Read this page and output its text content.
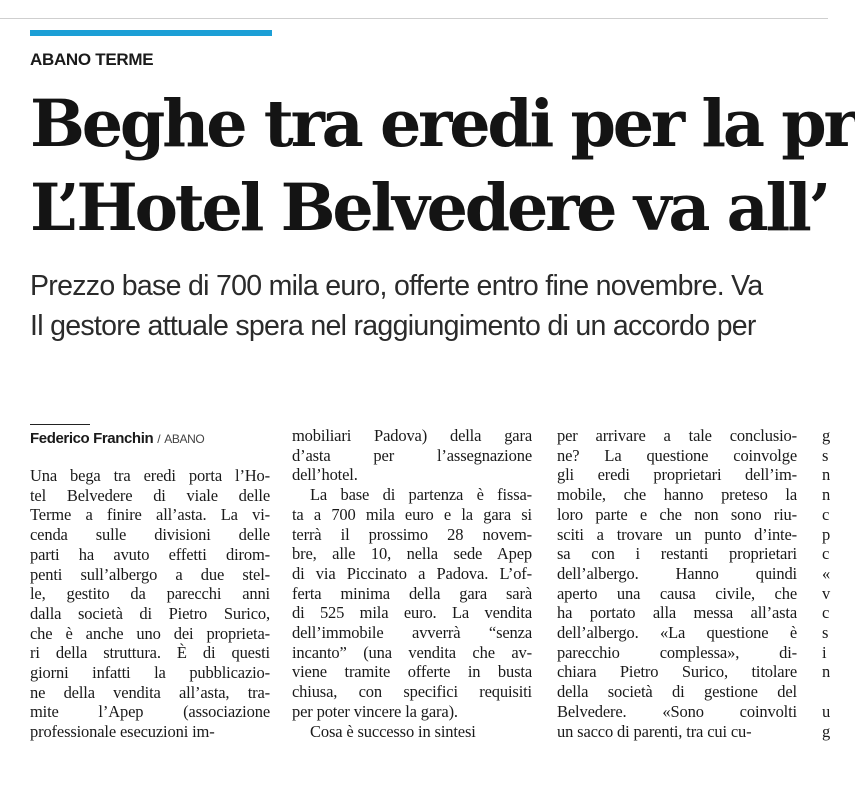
ABANO TERME
Beghe tra eredi per la pr
L’Hotel Belvedere va all’

Prezzo base di 700 mila euro, offerte entro fine novembre. Va
Il gestore attuale spera nel raggiungimento di un accordo per

Federico Franchin / ABANO
Una bega tra eredi porta l’Ho-
tel Belvedere di viale delle
Terme a finire all’asta. La vi-
cenda sulle divisioni delle
parti ha avuto effetti dirom-
penti sull’albergo a due stel-
le, gestito da parecchi anni
dalla società di Pietro Surico,
che è anche uno dei proprieta-
ri della struttura. È di questi
giorni infatti la pubblicazio-
ne della vendita all’asta, tra-
mite l’Apep (associazione
professionale esecuzioni im-
mobiliari Padova) della gara
d’asta per l’assegnazione
dell’hotel.
La base di partenza è fissa-
ta a 700 mila euro e la gara si
terrà il prossimo 28 novem-
bre, alle 10, nella sede Apep
di via Piccinato a Padova. L’of-
ferta minima della gara sarà
di 525 mila euro. La vendita
dell’immobile avverrà “senza
incanto” (una vendita che av-
viene tramite offerte in busta
chiusa, con specifici requisiti
per poter vincere la gara).
Cosa è successo in sintesi
per arrivare a tale conclusio-
ne? La questione coinvolge
gli eredi proprietari dell’im-
mobile, che hanno preteso la
loro parte e che non sono riu-
sciti a trovare un punto d’inte-
sa con i restanti proprietari
dell’albergo. Hanno quindi
aperto una causa civile, che
ha portato alla messa all’asta
dell’albergo. «La questione è
parecchio complessa», di-
chiara Pietro Surico, titolare
della società di gestione del
Belvedere. «Sono coinvolti
un sacco di parenti, tra cui cu-
g
s
n
n
c
p
c
«
v
c
s
i
n

u
g
